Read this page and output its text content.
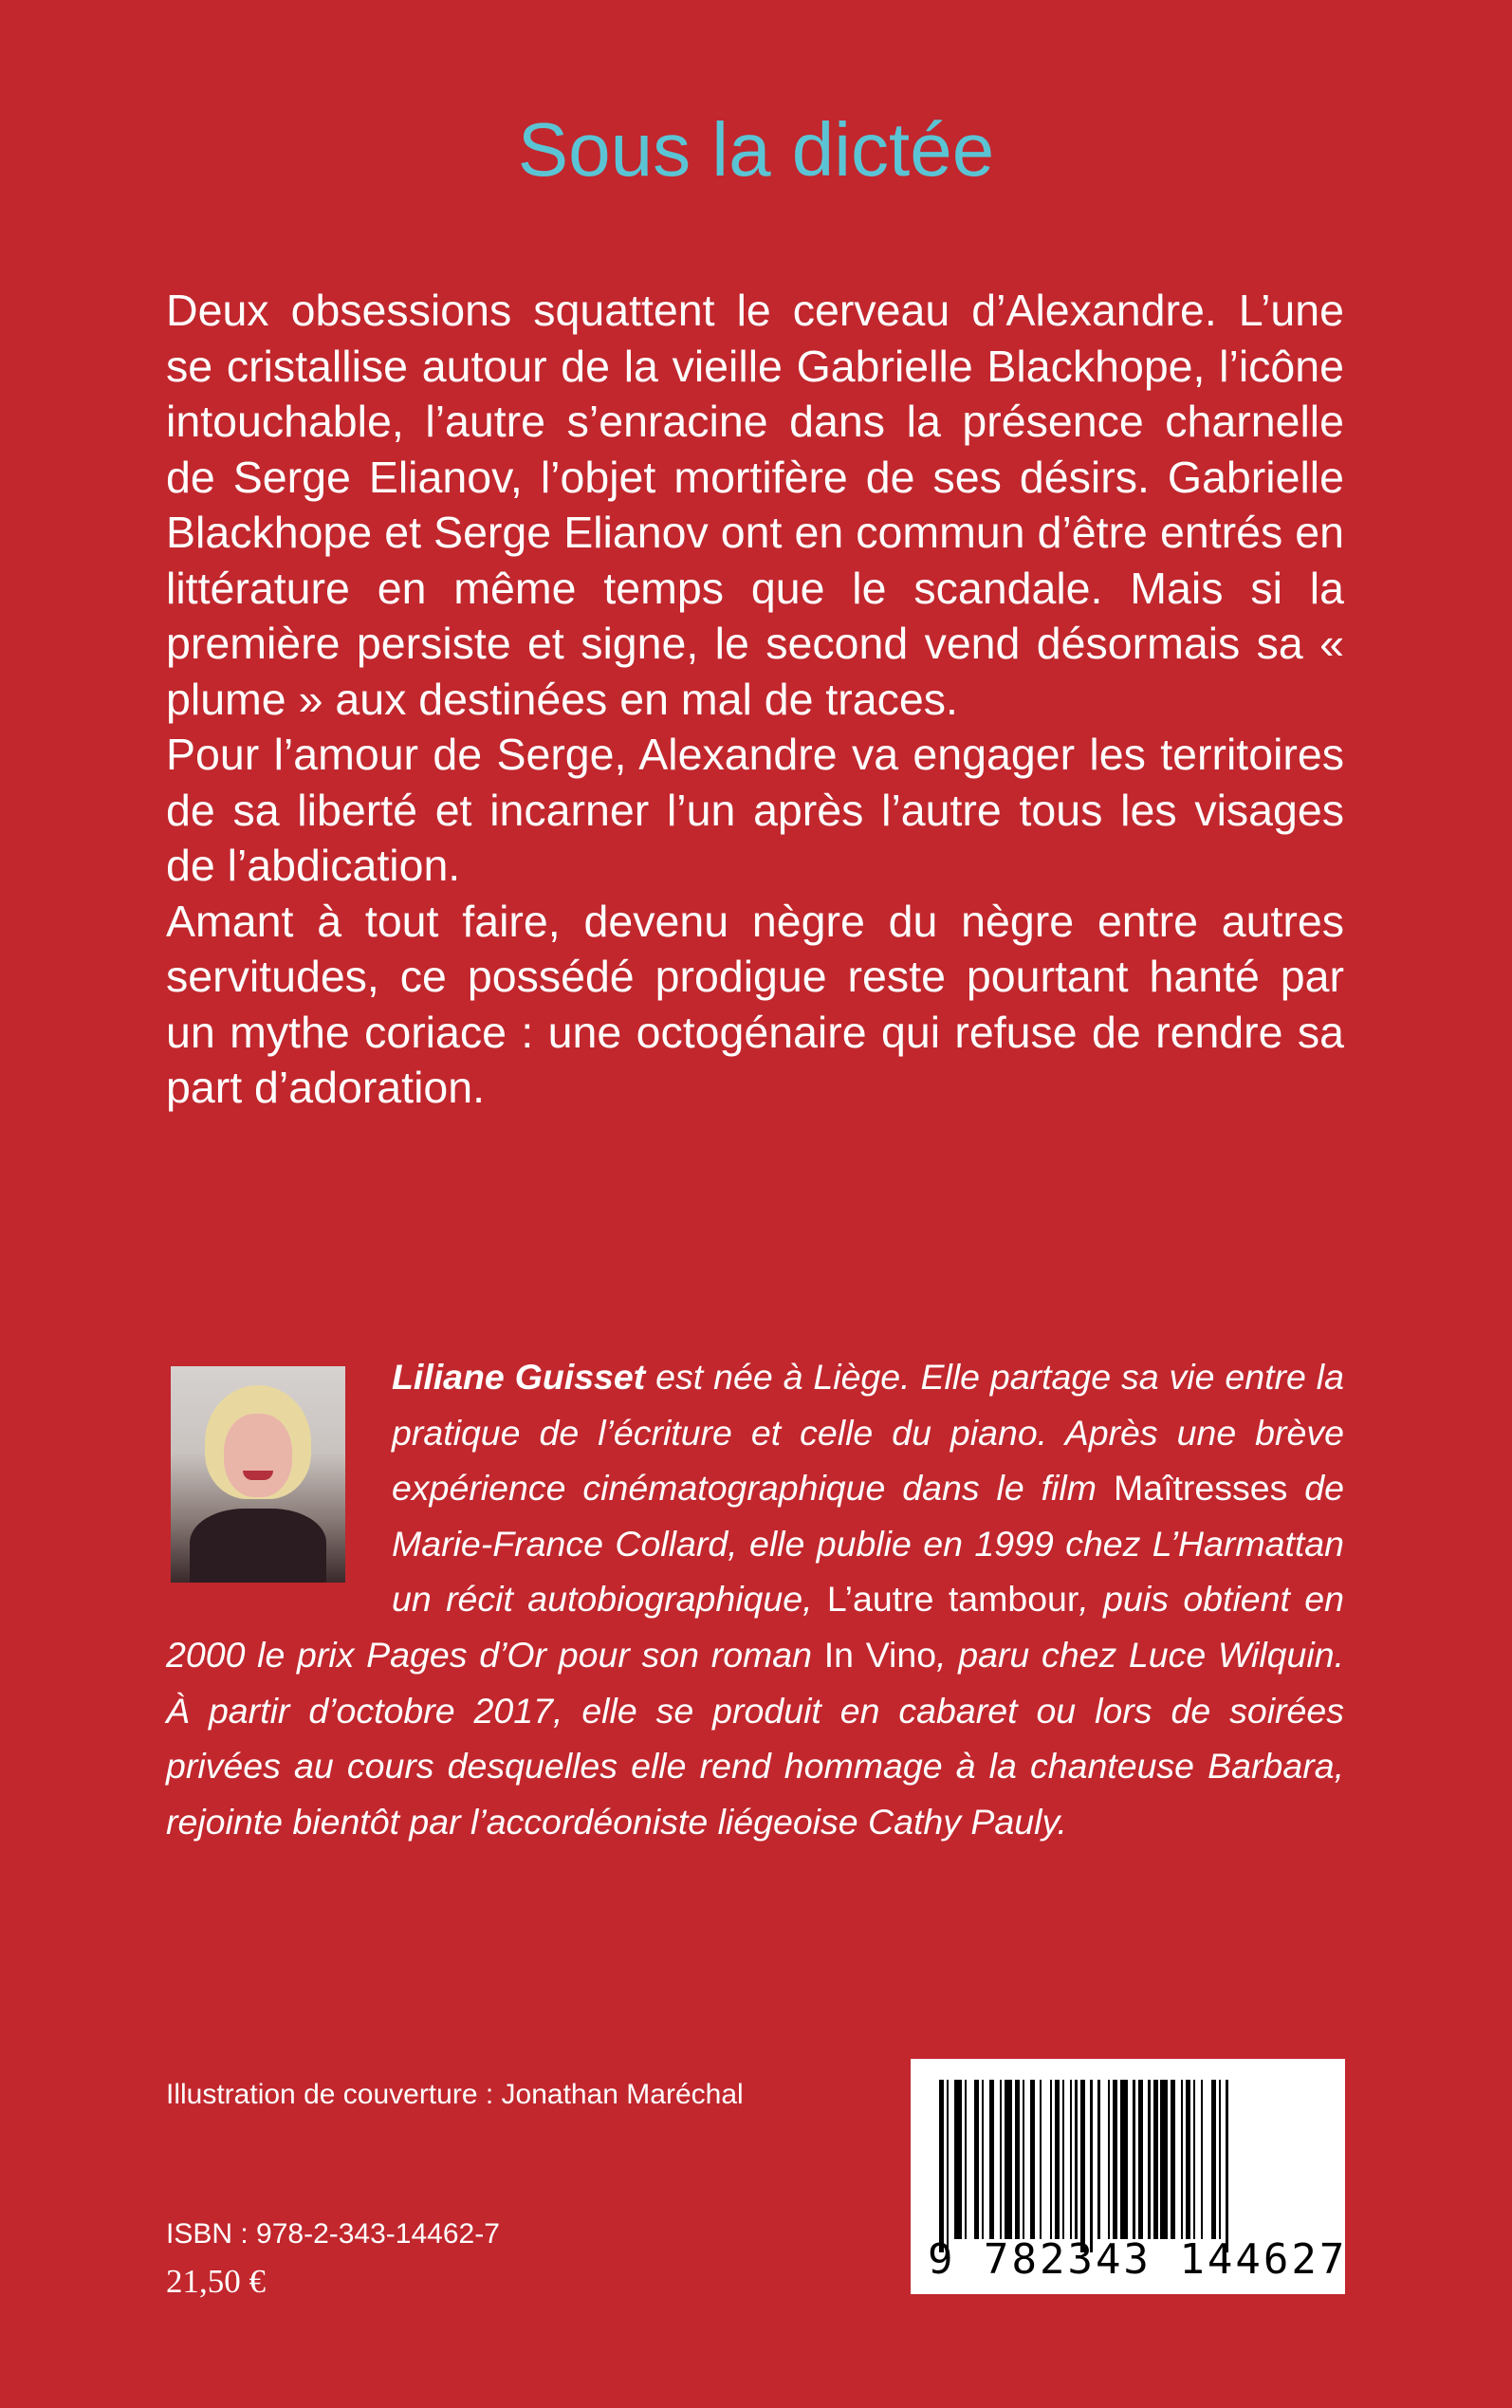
Sous la dictée

Deux obsessions squattent le cerveau d’Alexandre. L’une se cristallise autour de la vieille Gabrielle Blackhope, l’icône intouchable, l’autre s’enracine dans la présence charnelle de Serge Elianov, l’objet mortifère de ses désirs. Gabrielle Blackhope et Serge Elianov ont en commun d’être entrés en littérature en même temps que le scandale. Mais si la première persiste et signe, le second vend désormais sa « plume » aux destinées en mal de traces.

Pour l’amour de Serge, Alexandre va engager les territoires de sa liberté et incarner l’un après l’autre tous les visages de l’abdication.

Amant à tout faire, devenu nègre du nègre entre autres servitudes, ce possédé prodigue reste pourtant hanté par un mythe coriace : une octogénaire qui refuse de rendre sa part d’adoration.

Liliane Guisset est née à Liège. Elle partage sa vie entre la pratique de l’écriture et celle du piano. Après une brève expérience cinématographique dans le film Maîtresses de Marie-France Collard, elle publie en 1999 chez L’Harmattan un récit autobiographique, L’autre tambour, puis obtient en 2000 le prix Pages d’Or pour son roman In Vino, paru chez Luce Wilquin. À partir d’octobre 2017, elle se produit en cabaret ou lors de soirées privées au cours desquelles elle rend hommage à la chanteuse Barbara, rejointe bientôt par l’accordéoniste liégeoise Cathy Pauly.

Illustration de couverture : Jonathan Maréchal
ISBN : 978-2-343-14462-7
21,50 €	9 782343 144627
